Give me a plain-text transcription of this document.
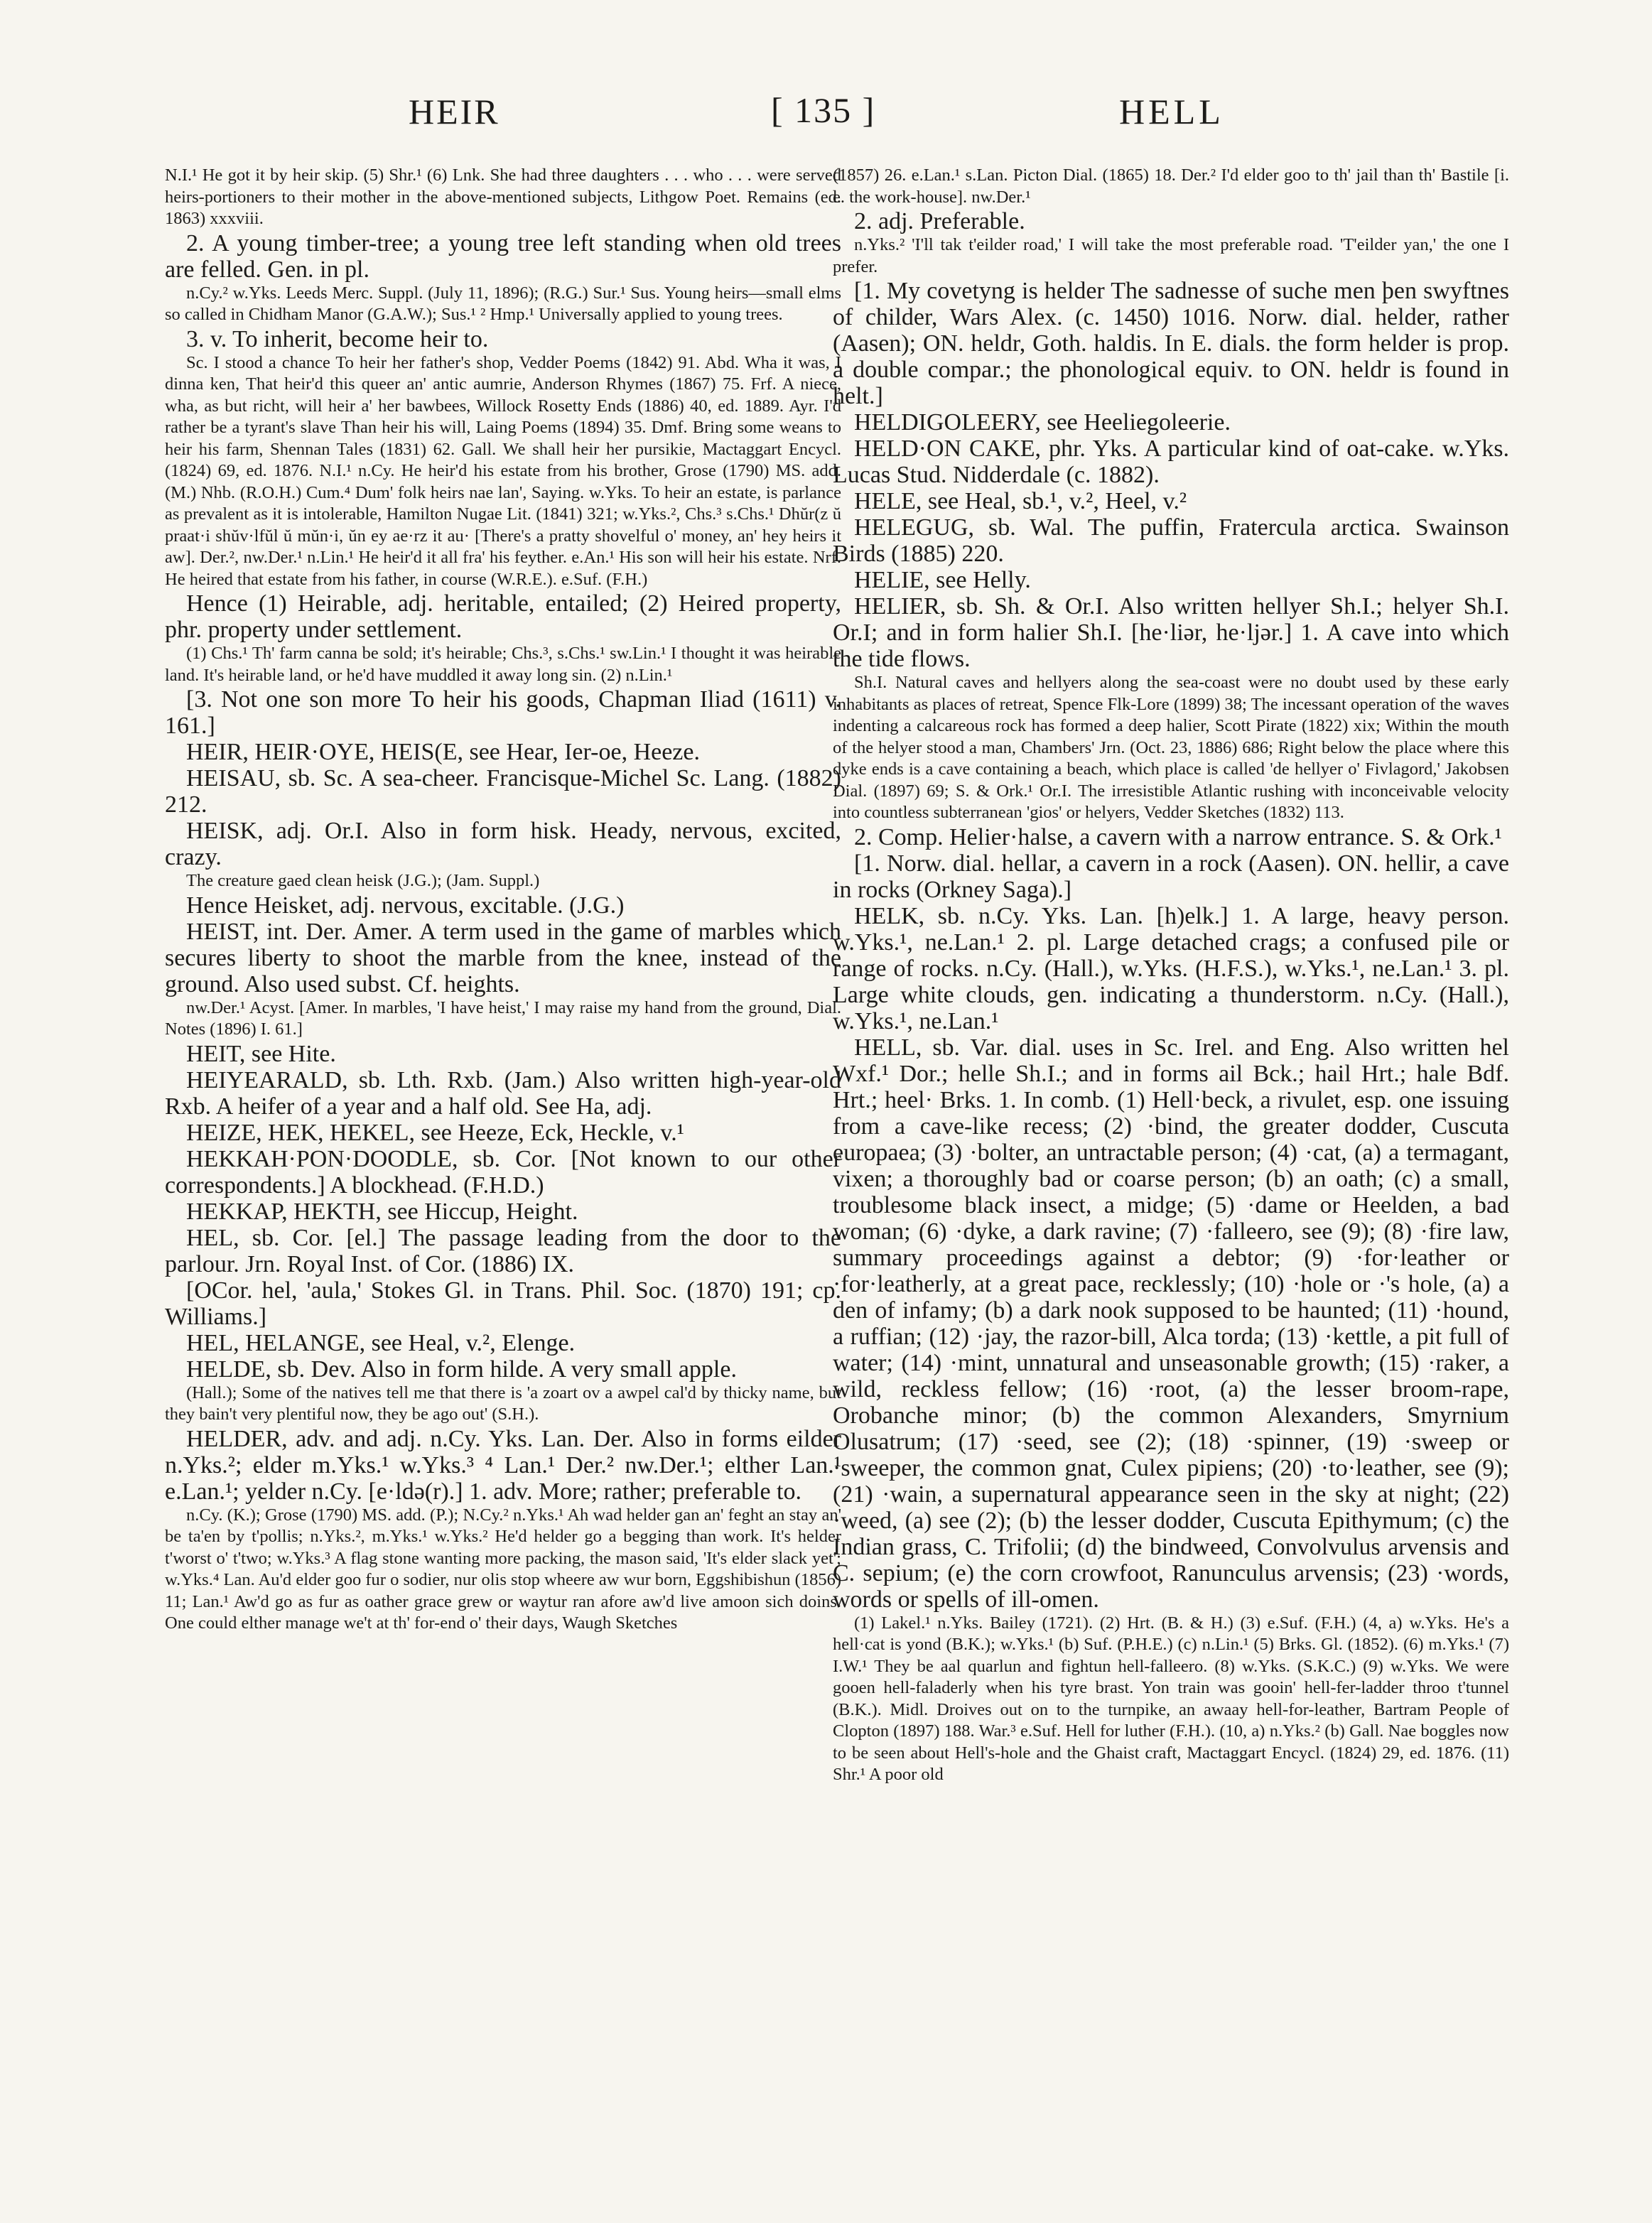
HEIR	[ 135 ]	HELL

N.I.¹ He got it by heir skip. (5) Shr.¹ (6) Lnk. She had three daughters . . . who . . . were served heirs-portioners to their mother in the above-mentioned subjects, Lithgow Poet. Remains (ed. 1863) xxxviii.

2. A young timber-tree; a young tree left standing when old trees are felled. Gen. in pl.

n.Cy.² w.Yks. Leeds Merc. Suppl. (July 11, 1896); (R.G.) Sur.¹ Sus. Young heirs—small elms so called in Chidham Manor (G.A.W.); Sus.¹ ² Hmp.¹ Universally applied to young trees.

3. v. To inherit, become heir to.

Sc. I stood a chance To heir her father's shop, Vedder Poems (1842) 91. Abd. Wha it was, I dinna ken, That heir'd this queer an' antic aumrie, Anderson Rhymes (1867) 75. Frf. A niece, wha, as but richt, will heir a' her bawbees, Willock Rosetty Ends (1886) 40, ed. 1889. Ayr. I'd rather be a tyrant's slave Than heir his will, Laing Poems (1894) 35. Dmf. Bring some weans to heir his farm, Shennan Tales (1831) 62. Gall. We shall heir her pursikie, Mactaggart Encycl. (1824) 69, ed. 1876. N.I.¹ n.Cy. He heir'd his estate from his brother, Grose (1790) MS. add. (M.) Nhb. (R.O.H.) Cum.⁴ Dum' folk heirs nae lan', Saying. w.Yks. To heir an estate, is parlance as prevalent as it is intolerable, Hamilton Nugae Lit. (1841) 321; w.Yks.², Chs.³ s.Chs.¹ Dhŭr(z ŭ praat·i shŭv·lfŭl ŭ mŭn·i, ŭn ey ae·rz it au· [There's a pratty shovelful o' money, an' hey heirs it aw]. Der.², nw.Der.¹ n.Lin.¹ He heir'd it all fra' his feyther. e.An.¹ His son will heir his estate. Nrf. He heired that estate from his father, in course (W.R.E.). e.Suf. (F.H.)

Hence (1) Heirable, adj. heritable, entailed; (2) Heired property, phr. property under settlement.

(1) Chs.¹ Th' farm canna be sold; it's heirable; Chs.³, s.Chs.¹ sw.Lin.¹ I thought it was heirable land. It's heirable land, or he'd have muddled it away long sin. (2) n.Lin.¹

[3. Not one son more To heir his goods, Chapman Iliad (1611) v. 161.]

HEIR, HEIR·OYE, HEIS(E, see Hear, Ier-oe, Heeze.

HEISAU, sb. Sc. A sea-cheer. Francisque-Michel Sc. Lang. (1882) 212.

HEISK, adj. Or.I. Also in form hisk. Heady, nervous, excited, crazy.

The creature gaed clean heisk (J.G.); (Jam. Suppl.)

Hence Heisket, adj. nervous, excitable. (J.G.)

HEIST, int. Der. Amer. A term used in the game of marbles which secures liberty to shoot the marble from the knee, instead of the ground. Also used subst. Cf. heights.

nw.Der.¹ Acyst. [Amer. In marbles, 'I have heist,' I may raise my hand from the ground, Dial. Notes (1896) I. 61.]

HEIT, see Hite.

HEIYEARALD, sb. Lth. Rxb. (Jam.) Also written high-year-old Rxb. A heifer of a year and a half old. See Ha, adj.

HEIZE, HEK, HEKEL, see Heeze, Eck, Heckle, v.¹

HEKKAH·PON·DOODLE, sb. Cor. [Not known to our other correspondents.] A blockhead. (F.H.D.)

HEKKAP, HEKTH, see Hiccup, Height.

HEL, sb. Cor. [el.] The passage leading from the door to the parlour. Jrn. Royal Inst. of Cor. (1886) IX.

[OCor. hel, 'aula,' Stokes Gl. in Trans. Phil. Soc. (1870) 191; cp. Williams.]

HEL, HELANGE, see Heal, v.², Elenge.

HELDE, sb. Dev. Also in form hilde. A very small apple.

(Hall.); Some of the natives tell me that there is 'a zoart ov a awpel cal'd by thicky name, but they bain't very plentiful now, they be ago out' (S.H.).

HELDER, adv. and adj. n.Cy. Yks. Lan. Der. Also in forms eilder n.Yks.²; elder m.Yks.¹ w.Yks.³ ⁴ Lan.¹ Der.² nw.Der.¹; elther Lan.¹ e.Lan.¹; yelder n.Cy. [e·ldə(r).] 1. adv. More; rather; preferable to.

n.Cy. (K.); Grose (1790) MS. add. (P.); N.Cy.² n.Yks.¹ Ah wad helder gan an' feght an stay an' be ta'en by t'pollis; n.Yks.², m.Yks.¹ w.Yks.² He'd helder go a begging than work. It's helder t'worst o' t'two; w.Yks.³ A flag stone wanting more packing, the mason said, 'It's elder slack yet'; w.Yks.⁴ Lan. Au'd elder goo fur o sodier, nur olis stop wheere aw wur born, Eggshibishun (1856) 11; Lan.¹ Aw'd go as fur as oather grace grew or waytur ran afore aw'd live amoon sich doins. One could elther manage we't at th' for-end o' their days, Waugh Sketches

(1857) 26. e.Lan.¹ s.Lan. Picton Dial. (1865) 18. Der.² I'd elder goo to th' jail than th' Bastile [i. e. the work-house]. nw.Der.¹

2. adj. Preferable.

n.Yks.² 'I'll tak t'eilder road,' I will take the most preferable road. 'T'eilder yan,' the one I prefer.

[1. My covetyng is helder The sadnesse of suche men þen swyftnes of childer, Wars Alex. (c. 1450) 1016. Norw. dial. helder, rather (Aasen); ON. heldr, Goth. haldis. In E. dials. the form helder is prop. a double compar.; the phonological equiv. to ON. heldr is found in helt.]

HELDIGOLEERY, see Heeliegoleerie.

HELD·ON CAKE, phr. Yks. A particular kind of oat-cake. w.Yks. Lucas Stud. Nidderdale (c. 1882).

HELE, see Heal, sb.¹, v.², Heel, v.²

HELEGUG, sb. Wal. The puffin, Fratercula arctica. Swainson Birds (1885) 220.

HELIE, see Helly.

HELIER, sb. Sh. & Or.I. Also written hellyer Sh.I.; helyer Sh.I. Or.I; and in form halier Sh.I. [he·liər, he·ljər.] 1. A cave into which the tide flows.

Sh.I. Natural caves and hellyers along the sea-coast were no doubt used by these early inhabitants as places of retreat, Spence Flk-Lore (1899) 38; The incessant operation of the waves indenting a calcareous rock has formed a deep halier, Scott Pirate (1822) xix; Within the mouth of the helyer stood a man, Chambers' Jrn. (Oct. 23, 1886) 686; Right below the place where this dyke ends is a cave containing a beach, which place is called 'de hellyer o' Fivlagord,' Jakobsen Dial. (1897) 69; S. & Ork.¹ Or.I. The irresistible Atlantic rushing with inconceivable velocity into countless subterranean 'gios' or helyers, Vedder Sketches (1832) 113.

2. Comp. Helier·halse, a cavern with a narrow entrance. S. & Ork.¹

[1. Norw. dial. hellar, a cavern in a rock (Aasen). ON. hellir, a cave in rocks (Orkney Saga).]

HELK, sb. n.Cy. Yks. Lan. [h)elk.] 1. A large, heavy person. w.Yks.¹, ne.Lan.¹ 2. pl. Large detached crags; a confused pile or range of rocks. n.Cy. (Hall.), w.Yks. (H.F.S.), w.Yks.¹, ne.Lan.¹ 3. pl. Large white clouds, gen. indicating a thunderstorm. n.Cy. (Hall.), w.Yks.¹, ne.Lan.¹

HELL, sb. Var. dial. uses in Sc. Irel. and Eng. Also written hel Wxf.¹ Dor.; helle Sh.I.; and in forms ail Bck.; hail Hrt.; hale Bdf. Hrt.; heel· Brks. 1. In comb. (1) Hell·beck, a rivulet, esp. one issuing from a cave-like recess; (2) ·bind, the greater dodder, Cuscuta europaea; (3) ·bolter, an untractable person; (4) ·cat, (a) a termagant, vixen; a thoroughly bad or coarse person; (b) an oath; (c) a small, troublesome black insect, a midge; (5) ·dame or Heelden, a bad woman; (6) ·dyke, a dark ravine; (7) ·falleero, see (9); (8) ·fire law, summary proceedings against a debtor; (9) ·for·leather or ·for·leatherly, at a great pace, recklessly; (10) ·hole or ·'s hole, (a) a den of infamy; (b) a dark nook supposed to be haunted; (11) ·hound, a ruffian; (12) ·jay, the razor-bill, Alca torda; (13) ·kettle, a pit full of water; (14) ·mint, unnatural and unseasonable growth; (15) ·raker, a wild, reckless fellow; (16) ·root, (a) the lesser broom-rape, Orobanche minor; (b) the common Alexanders, Smyrnium Olusatrum; (17) ·seed, see (2); (18) ·spinner, (19) ·sweep or ·sweeper, the common gnat, Culex pipiens; (20) ·to·leather, see (9); (21) ·wain, a supernatural appearance seen in the sky at night; (22) ·weed, (a) see (2); (b) the lesser dodder, Cuscuta Epithymum; (c) the Indian grass, C. Trifolii; (d) the bindweed, Convolvulus arvensis and C. sepium; (e) the corn crowfoot, Ranunculus arvensis; (23) ·words, words or spells of ill-omen.

(1) Lakel.¹ n.Yks. Bailey (1721). (2) Hrt. (B. & H.) (3) e.Suf. (F.H.) (4, a) w.Yks. He's a hell·cat is yond (B.K.); w.Yks.¹ (b) Suf. (P.H.E.) (c) n.Lin.¹ (5) Brks. Gl. (1852). (6) m.Yks.¹ (7) I.W.¹ They be aal quarlun and fightun hell-falleero. (8) w.Yks. (S.K.C.) (9) w.Yks. We were gooen hell-faladerly when his tyre brast. Yon train was gooin' hell-fer-ladder throo t'tunnel (B.K.). Midl. Droives out on to the turnpike, an awaay hell-for-leather, Bartram People of Clopton (1897) 188. War.³ e.Suf. Hell for luther (F.H.). (10, a) n.Yks.² (b) Gall. Nae boggles now to be seen about Hell's-hole and the Ghaist craft, Mactaggart Encycl. (1824) 29, ed. 1876. (11) Shr.¹ A poor old
